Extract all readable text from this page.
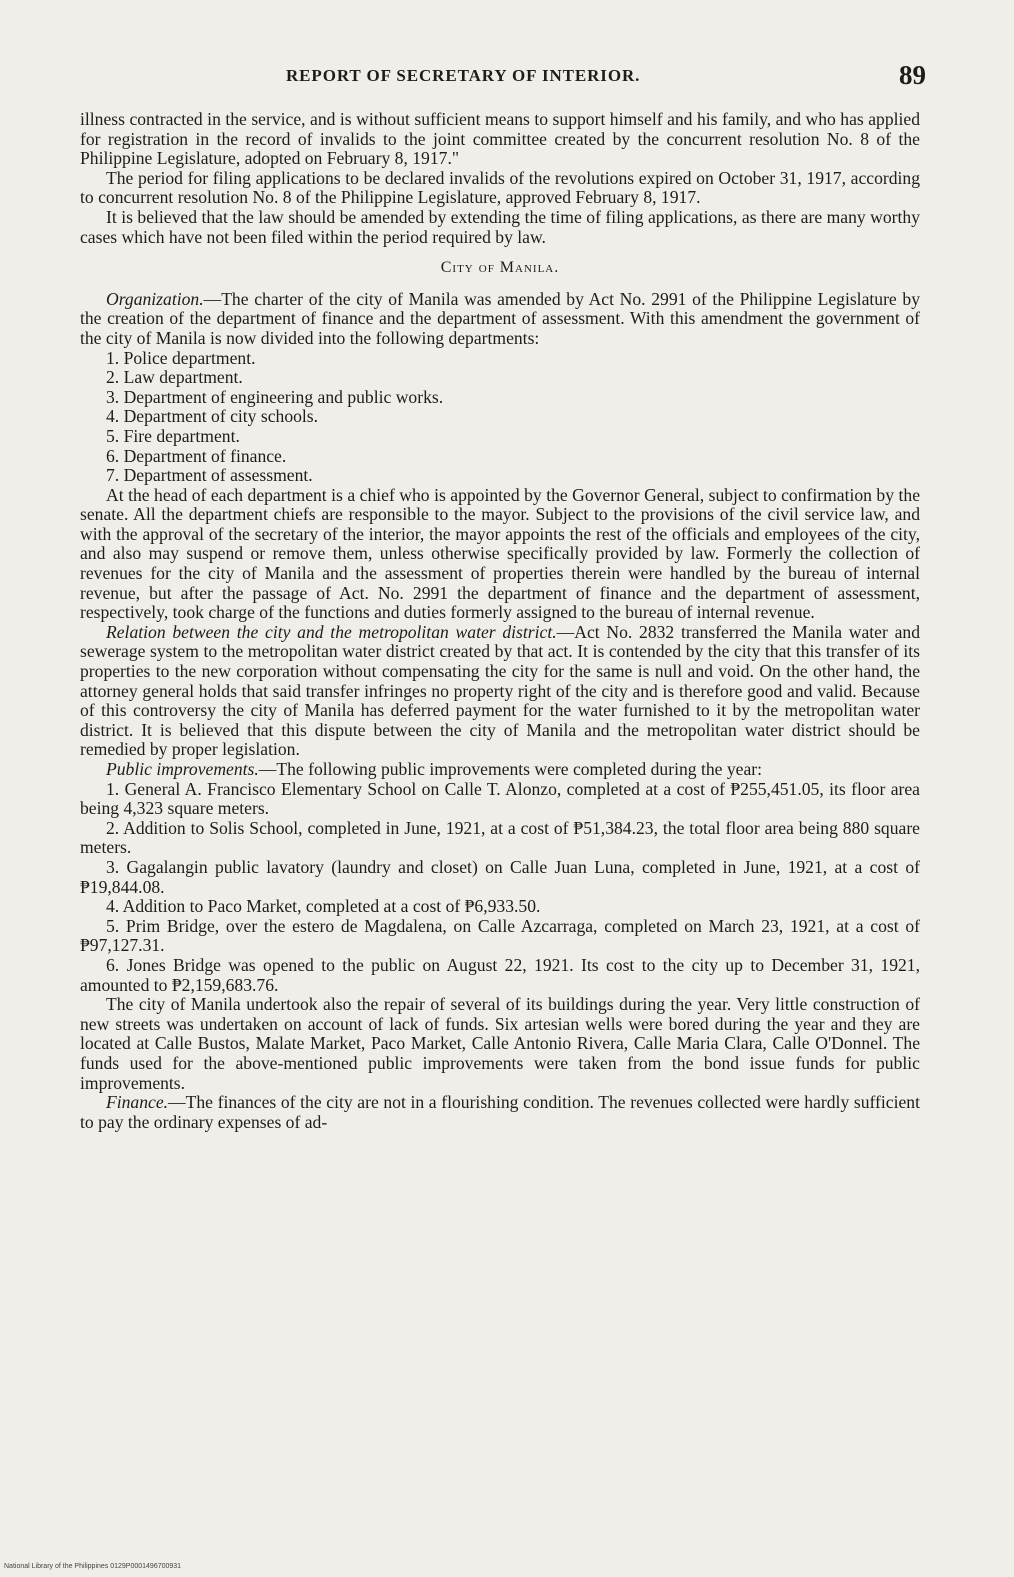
REPORT OF SECRETARY OF INTERIOR.	89

illness contracted in the service, and is without sufficient means to support himself and his family, and who has applied for registration in the record of invalids to the joint committee created by the concurrent resolution No. 8 of the Philippine Legislature, adopted on February 8, 1917."

The period for filing applications to be declared invalids of the revolutions expired on October 31, 1917, according to concurrent resolution No. 8 of the Philippine Legislature, approved February 8, 1917.

It is believed that the law should be amended by extending the time of filing applications, as there are many worthy cases which have not been filed within the period required by law.

City of Manila.

Organization.—The charter of the city of Manila was amended by Act No. 2991 of the Philippine Legislature by the creation of the department of finance and the department of assessment. With this amendment the government of the city of Manila is now divided into the following departments:

1. Police department.
2. Law department.
3. Department of engineering and public works.
4. Department of city schools.
5. Fire department.
6. Department of finance.
7. Department of assessment.

At the head of each department is a chief who is appointed by the Governor General, subject to confirmation by the senate. All the department chiefs are responsible to the mayor. Subject to the provisions of the civil service law, and with the approval of the secretary of the interior, the mayor appoints the rest of the officials and employees of the city, and also may suspend or remove them, unless otherwise specifically provided by law. Formerly the collection of revenues for the city of Manila and the assessment of properties therein were handled by the bureau of internal revenue, but after the passage of Act. No. 2991 the department of finance and the department of assessment, respectively, took charge of the functions and duties formerly assigned to the bureau of internal revenue.

Relation between the city and the metropolitan water district.—Act No. 2832 transferred the Manila water and sewerage system to the metropolitan water district created by that act. It is contended by the city that this transfer of its properties to the new corporation without compensating the city for the same is null and void. On the other hand, the attorney general holds that said transfer infringes no property right of the city and is therefore good and valid. Because of this controversy the city of Manila has deferred payment for the water furnished to it by the metropolitan water district. It is believed that this dispute between the city of Manila and the metropolitan water district should be remedied by proper legislation.

Public improvements.—The following public improvements were completed during the year:

1. General A. Francisco Elementary School on Calle T. Alonzo, completed at a cost of ₱255,451.05, its floor area being 4,323 square meters.

2. Addition to Solis School, completed in June, 1921, at a cost of ₱51,384.23, the total floor area being 880 square meters.

3. Gagalangin public lavatory (laundry and closet) on Calle Juan Luna, completed in June, 1921, at a cost of ₱19,844.08.

4. Addition to Paco Market, completed at a cost of ₱6,933.50.

5. Prim Bridge, over the estero de Magdalena, on Calle Azcarraga, completed on March 23, 1921, at a cost of ₱97,127.31.

6. Jones Bridge was opened to the public on August 22, 1921. Its cost to the city up to December 31, 1921, amounted to ₱2,159,683.76.

The city of Manila undertook also the repair of several of its buildings during the year. Very little construction of new streets was undertaken on account of lack of funds. Six artesian wells were bored during the year and they are located at Calle Bustos, Malate Market, Paco Market, Calle Antonio Rivera, Calle Maria Clara, Calle O'Donnel. The funds used for the above-mentioned public improvements were taken from the bond issue funds for public improvements.

Finance.—The finances of the city are not in a flourishing condition. The revenues collected were hardly sufficient to pay the ordinary expenses of ad-

National Library of the Philippines 0129P0001496700931
